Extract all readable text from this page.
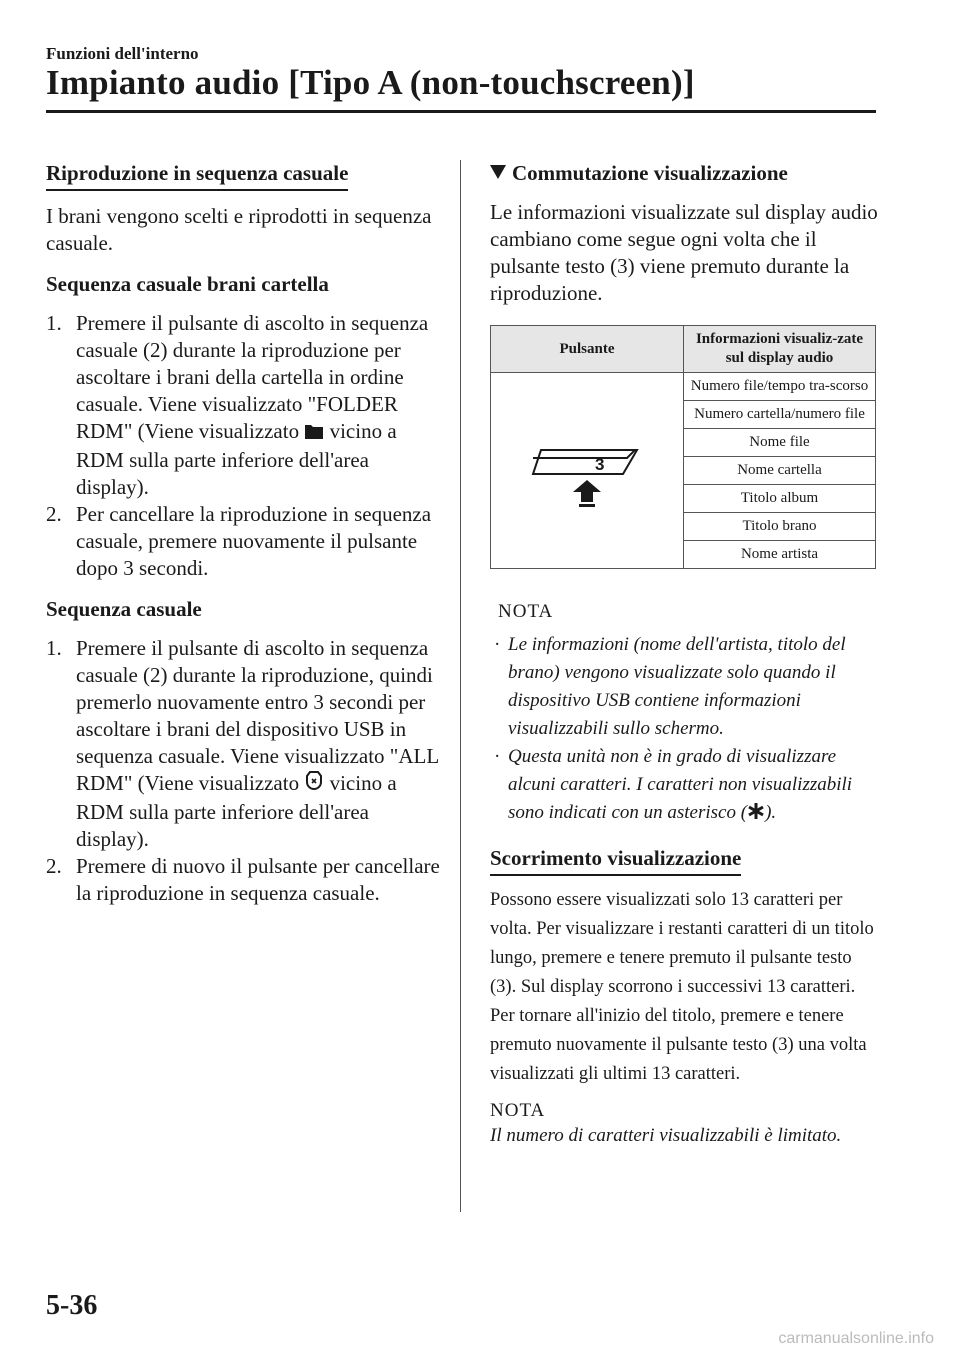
Funzioni dell'interno
Impianto audio [Tipo A (non-touchscreen)]
Riproduzione in sequenza casuale

I brani vengono scelti e riprodotti in sequenza casuale.

Sequenza casuale brani cartella

1. Premere il pulsante di ascolto in sequenza casuale (2) durante la riproduzione per ascoltare i brani della cartella in ordine casuale. Viene visualizzato "FOLDER RDM" (Viene visualizzato  vicino a RDM sulla parte inferiore dell'area display).
2. Per cancellare la riproduzione in sequenza casuale, premere nuovamente il pulsante dopo 3 secondi.

Sequenza casuale

1. Premere il pulsante di ascolto in sequenza casuale (2) durante la riproduzione, quindi premerlo nuovamente entro 3 secondi per ascoltare i brani del dispositivo USB in sequenza casuale. Viene visualizzato "ALL RDM" (Viene visualizzato  vicino a RDM sulla parte inferiore dell'area display).
2. Premere di nuovo il pulsante per cancellare la riproduzione in sequenza casuale.

Commutazione visualizzazione

Le informazioni visualizzate sul display audio cambiano come segue ogni volta che il pulsante testo (3) viene premuto durante la riproduzione.

Pulsante	Informazioni visualiz-zate sul display audio

3	Numero file/tempo tra-scorso
	Numero cartella/numero file
	Nome file
	Nome cartella
	Titolo album
	Titolo brano
	Nome artista

NOTA

· Le informazioni (nome dell'artista, titolo del brano) vengono visualizzate solo quando il dispositivo USB contiene informazioni visualizzabili sullo schermo.
· Questa unità non è in grado di visualizzare alcuni caratteri. I caratteri non visualizzabili sono indicati con un asterisco ( ).
Scorrimento visualizzazione

Possono essere visualizzati solo 13 caratteri per volta. Per visualizzare i restanti caratteri di un titolo lungo, premere e tenere premuto il pulsante testo (3). Sul display scorrono i successivi 13 caratteri. Per tornare all'inizio del titolo, premere e tenere premuto nuovamente il pulsante testo (3) una volta visualizzati gli ultimi 13 caratteri.

NOTA

Il numero di caratteri visualizzabili è limitato.

5-36
carmanualsonline.info
